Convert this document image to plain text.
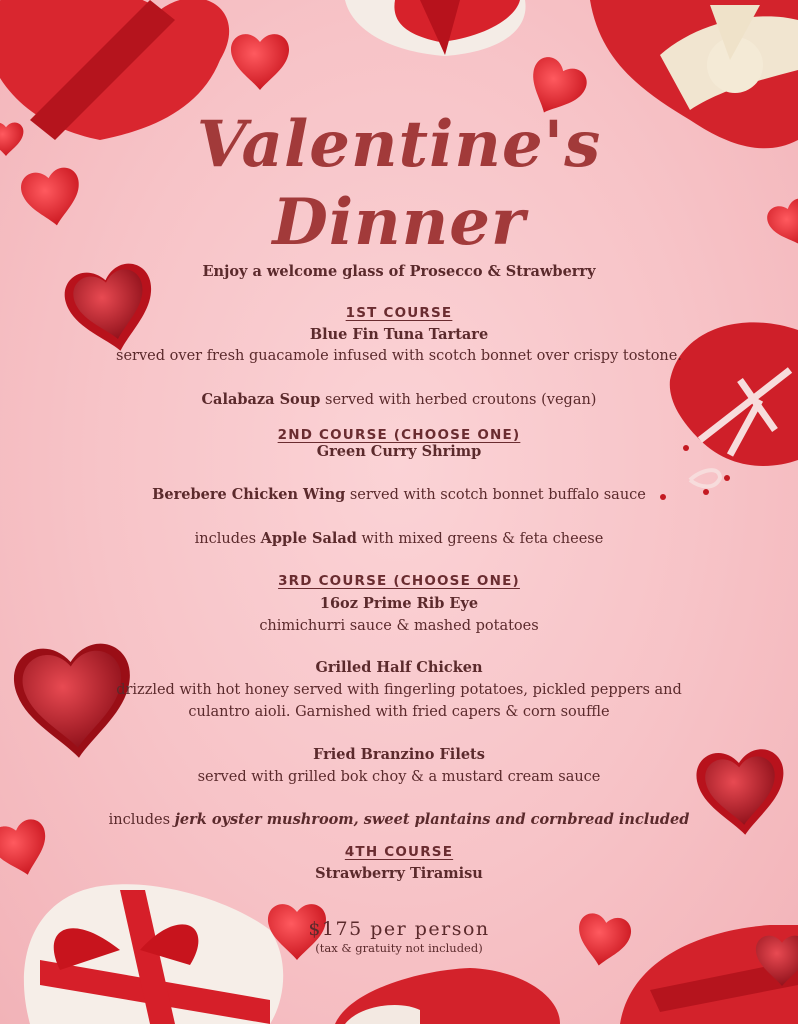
Valentine's
Dinner
Enjoy a welcome glass of Prosecco & Strawberry
1ST COURSE
Blue Fin Tuna Tartare
served over fresh guacamole infused with scotch bonnet over crispy tostone.
Calabaza Soup served with herbed croutons (vegan)
2ND COURSE (CHOOSE ONE)
Green Curry Shrimp
Berebere Chicken Wing served with scotch bonnet buffalo sauce
includes Apple Salad with mixed greens & feta cheese
3RD COURSE (CHOOSE ONE)
16oz Prime Rib Eye
chimichurri sauce & mashed potatoes
Grilled Half Chicken
drizzled with hot honey served with fingerling potatoes, pickled peppers and
culantro aioli. Garnished with fried capers & corn souffle
Fried Branzino Filets
served with grilled bok choy & a mustard cream sauce
includes jerk oyster mushroom, sweet plantains and cornbread included
4TH COURSE
Strawberry Tiramisu
$175 per person
(tax & gratuity not included)
